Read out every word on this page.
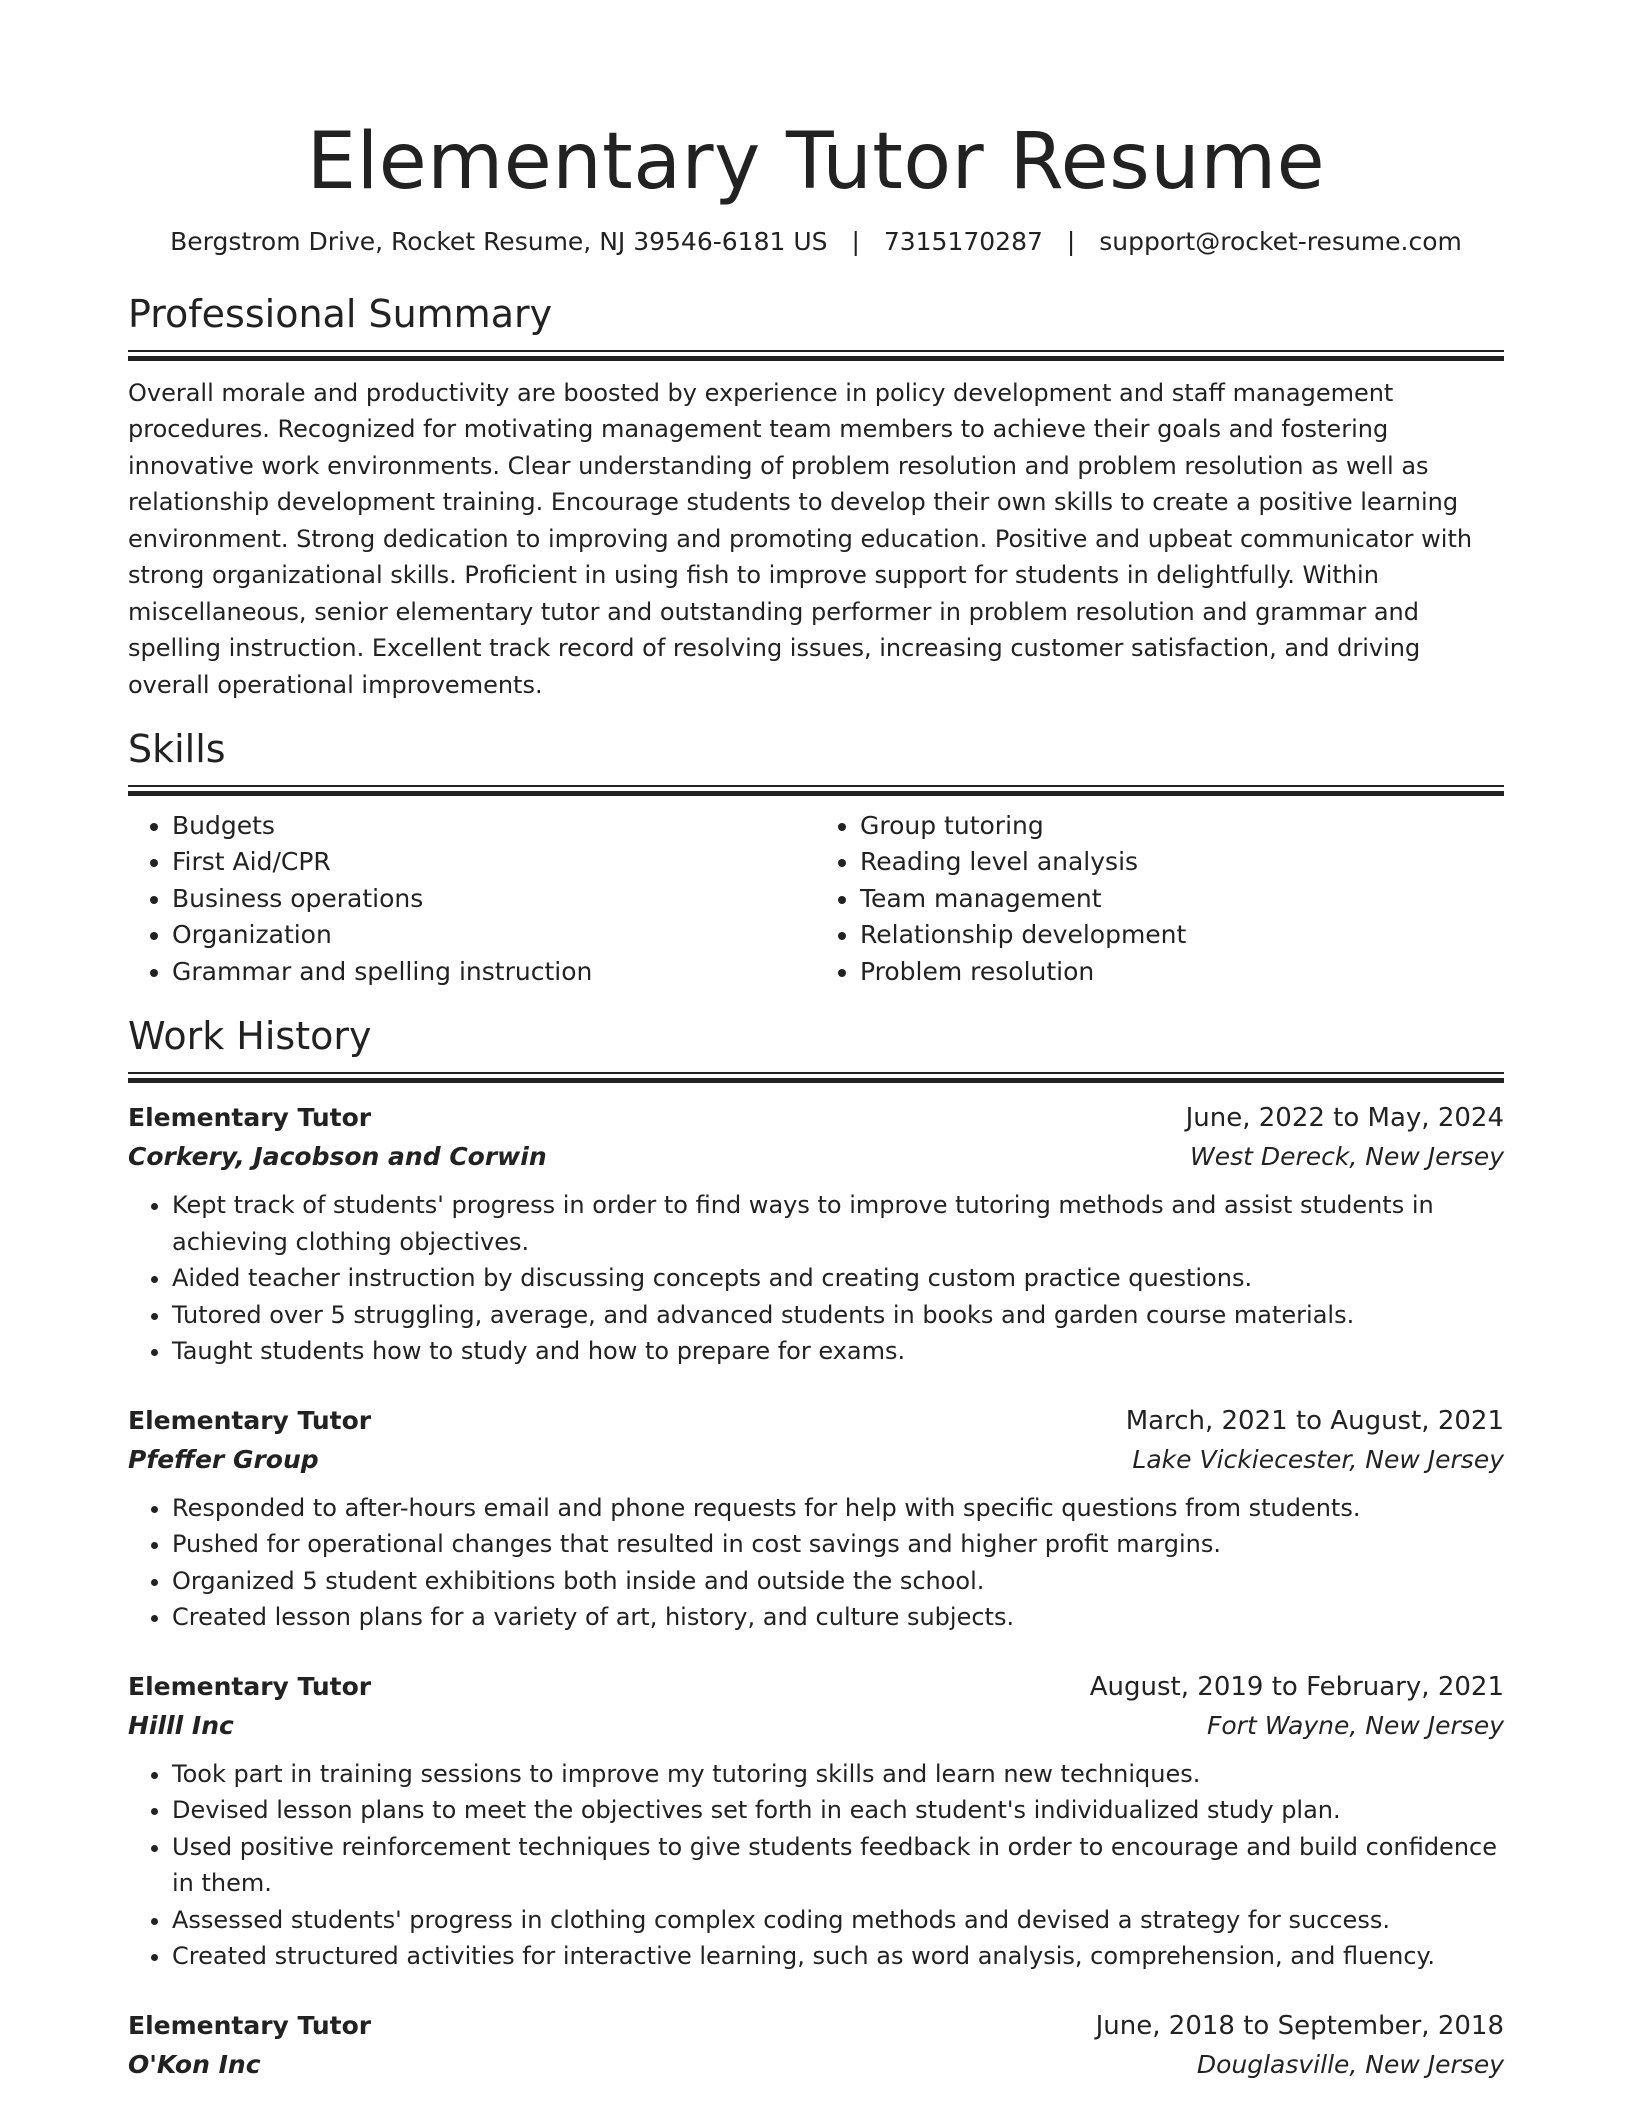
Elementary Tutor Resume
Bergstrom Drive, Rocket Resume, NJ 39546-6181 US | 7315170287 | support@rocket-resume.com
Professional Summary
Overall morale and productivity are boosted by experience in policy development and staff management procedures. Recognized for motivating management team members to achieve their goals and fostering innovative work environments. Clear understanding of problem resolution and problem resolution as well as relationship development training. Encourage students to develop their own skills to create a positive learning environment. Strong dedication to improving and promoting education. Positive and upbeat communicator with strong organizational skills. Proficient in using fish to improve support for students in delightfully. Within miscellaneous, senior elementary tutor and outstanding performer in problem resolution and grammar and spelling instruction. Excellent track record of resolving issues, increasing customer satisfaction, and driving overall operational improvements.
Skills
• Budgets
• First Aid/CPR
• Business operations
• Organization
• Grammar and spelling instruction
• Group tutoring
• Reading level analysis
• Team management
• Relationship development
• Problem resolution
Work History
Elementary Tutor	June, 2022 to May, 2024
Corkery, Jacobson and Corwin	West Dereck, New Jersey
• Kept track of students' progress in order to find ways to improve tutoring methods and assist students in achieving clothing objectives.
• Aided teacher instruction by discussing concepts and creating custom practice questions.
• Tutored over 5 struggling, average, and advanced students in books and garden course materials.
• Taught students how to study and how to prepare for exams.
Elementary Tutor	March, 2021 to August, 2021
Pfeffer Group	Lake Vickiecester, New Jersey
• Responded to after-hours email and phone requests for help with specific questions from students.
• Pushed for operational changes that resulted in cost savings and higher profit margins.
• Organized 5 student exhibitions both inside and outside the school.
• Created lesson plans for a variety of art, history, and culture subjects.
Elementary Tutor	August, 2019 to February, 2021
Hilll Inc	Fort Wayne, New Jersey
• Took part in training sessions to improve my tutoring skills and learn new techniques.
• Devised lesson plans to meet the objectives set forth in each student's individualized study plan.
• Used positive reinforcement techniques to give students feedback in order to encourage and build confidence in them.
• Assessed students' progress in clothing complex coding methods and devised a strategy for success.
• Created structured activities for interactive learning, such as word analysis, comprehension, and fluency.
Elementary Tutor	June, 2018 to September, 2018
O'Kon Inc	Douglasville, New Jersey
